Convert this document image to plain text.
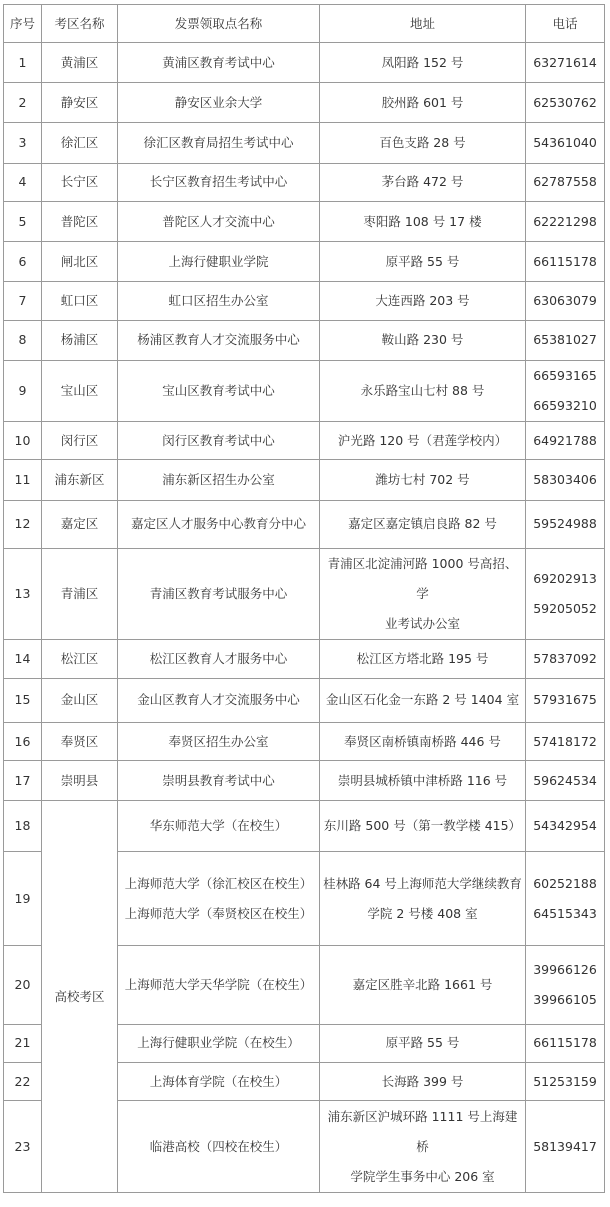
序号	考区名称	发票领取点名称	地址	电话
1	黄浦区	黄浦区教育考试中心	凤阳路 152 号	63271614

2	静安区	静安区业余大学	胶州路 601 号	62530762

3	徐汇区	徐汇区教育局招生考试中心	百色支路 28 号	54361040

4	长宁区	长宁区教育招生考试中心	茅台路 472 号	62787558

5	普陀区	普陀区人才交流中心	枣阳路 108 号 17 楼	62221298

6	闸北区	上海行健职业学院	原平路 55 号	66115178

7	虹口区	虹口区招生办公室	大连西路 203 号	63063079

8	杨浦区	杨浦区教育人才交流服务中心	鞍山路 230 号	65381027

9	宝山区	宝山区教育考试中心	永乐路宝山七村 88 号	66593165
66593210

10	闵行区	闵行区教育考试中心	沪光路 120 号（君莲学校内）	64921788

11	浦东新区	浦东新区招生办公室	潍坊七村 702 号	58303406

12	嘉定区	嘉定区人才服务中心教育分中心	嘉定区嘉定镇启良路 82 号	59524988

13	青浦区	青浦区教育考试服务中心	青浦区北淀浦河路 1000 号高招、学
业考试办公室	69202913
59205052

14	松江区	松江区教育人才服务中心	松江区方塔北路 195 号	57837092

15	金山区	金山区教育人才交流服务中心	金山区石化金一东路 2 号 1404 室	57931675

16	奉贤区	奉贤区招生办公室	奉贤区南桥镇南桥路 446 号	57418172

17	崇明县	崇明县教育考试中心	崇明县城桥镇中津桥路 116 号	59624534

18	高校考区	华东师范大学（在校生）	东川路 500 号（第一教学楼 415）	54342954

19		上海师范大学（徐汇校区在校生）
上海师范大学（奉贤校区在校生）	桂林路 64 号上海师范大学继续教育
学院 2 号楼 408 室	60252188
64515343

20		上海师范大学天华学院（在校生）	嘉定区胜辛北路 1661 号	39966126
39966105

21		上海行健职业学院（在校生）	原平路 55 号	66115178

22		上海体育学院（在校生）	长海路 399 号	51253159

23		临港高校（四校在校生）	浦东新区沪城环路 1111 号上海建桥
学院学生事务中心 206 室	58139417
